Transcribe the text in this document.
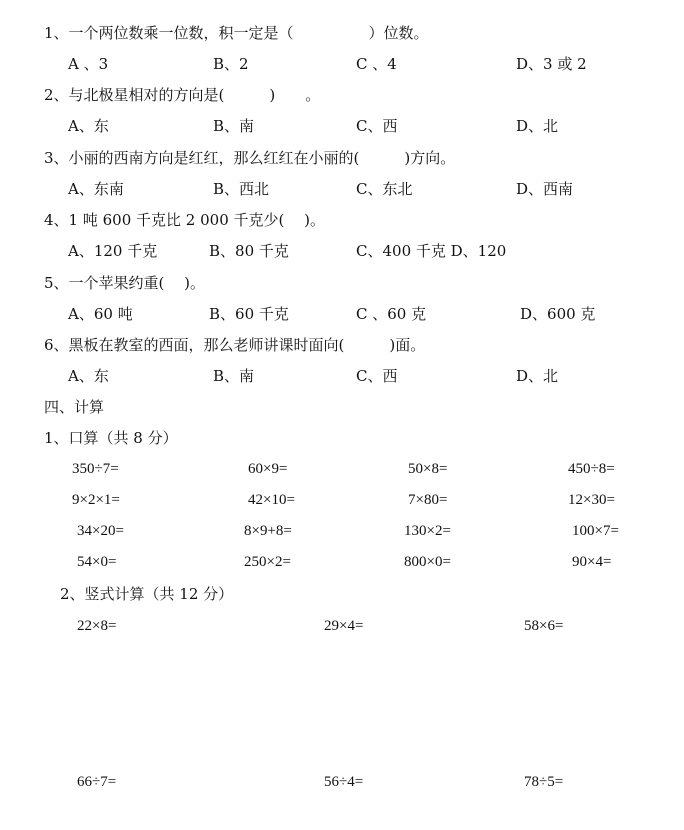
1、一个两位数乘一位数，积一定是（　　　　　）位数。
A 、3	B、2	C 、4	D、3 或 2
2、与北极星相对的方向是(　　　)　　。
A、东	B、南	C、西	D、北
3、小丽的西南方向是红红，那么红红在小丽的(　　　)方向。
A、东南	B、西北	C、东北	D、西南
4、1 吨 600 千克比 2 000 千克少(　 )。
A、120 千克	B、80 千克	C、400 千克 D、120
5、一个苹果约重(　 )。
A、60 吨	B、60 千克	C 、60 克	D、600 克
6、黑板在教室的西面，那么老师讲课时面向(　　　)面。
A、东	B、南	C、西	D、北
四、计算
1、口算（共 8 分）
350÷7=	60×9=	50×8=	450÷8=
9×2×1=	42×10=	7×80=	12×30=
34×20=	8×9+8=	130×2=	100×7=
54×0=	250×2=	800×0=	90×4=
2、竖式计算（共 12 分）
22×8=	29×4=	58×6=
66÷7=	56÷4=	78÷5=
